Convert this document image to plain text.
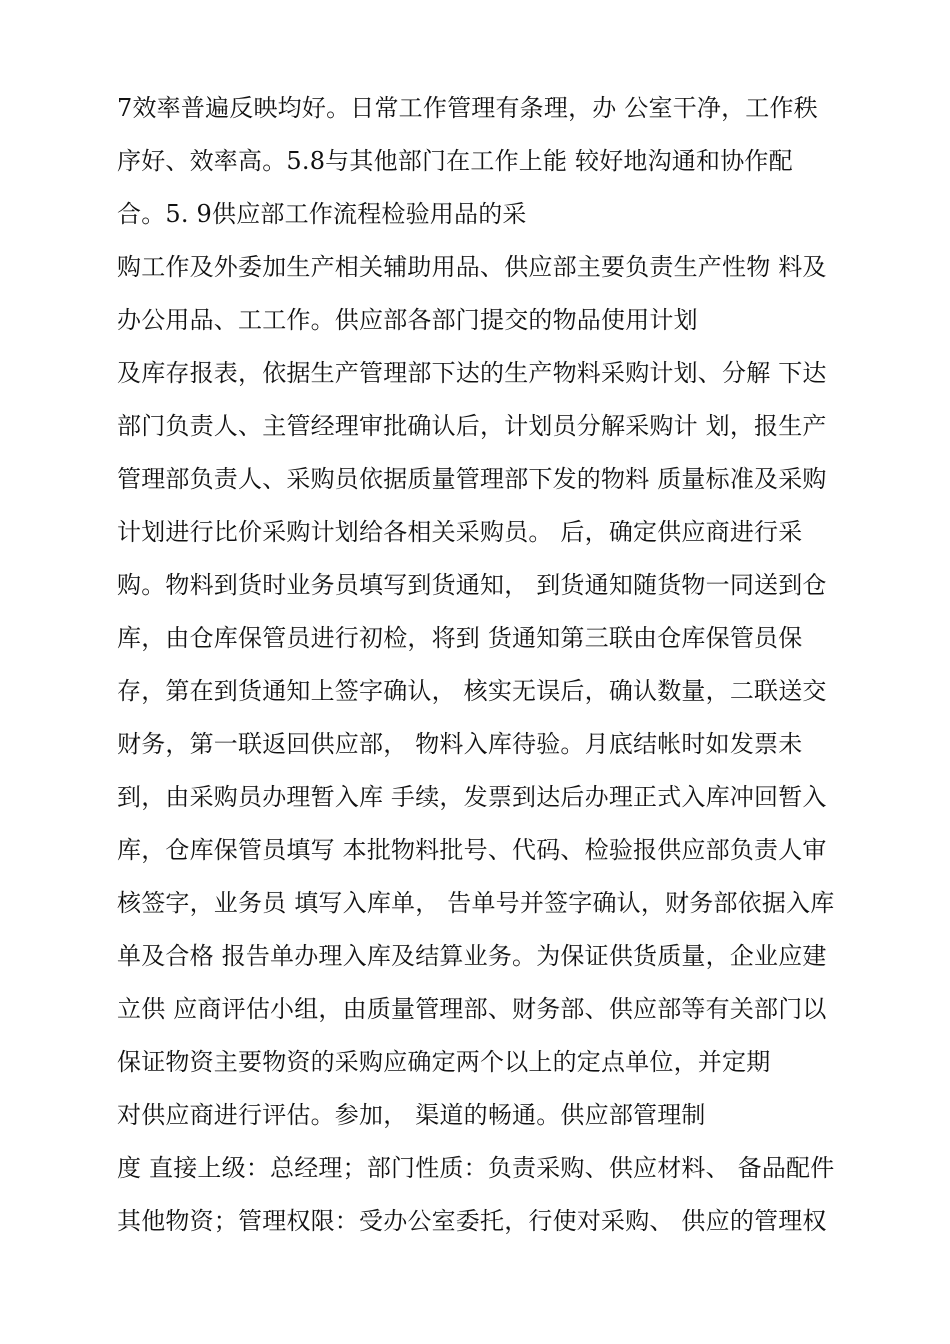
7效率普遍反映均好。日常工作管理有条理，办 公室干净，工作秩
序好、效率高。5.8与其他部门在工作上能 较好地沟通和协作配
合。5. 9供应部工作流程检验用品的采
购工作及外委加生产相关辅助用品、供应部主要负责生产性物 料及
办公用品、工工作。供应部各部门提交的物品使用计划
及库存报表，依据生产管理部下达的生产物料采购计划、分解 下达
部门负责人、主管经理审批确认后，计划员分解采购计 划，报生产
管理部负责人、采购员依据质量管理部下发的物料 质量标准及采购
计划进行比价采购计划给各相关采购员。 后，确定供应商进行采
购。物料到货时业务员填写到货通知， 到货通知随货物一同送到仓
库，由仓库保管员进行初检，将到 货通知第三联由仓库保管员保
存，第在到货通知上签字确认， 核实无误后，确认数量，二联送交
财务，第一联返回供应部， 物料入库待验。月底结帐时如发票未
到，由采购员办理暂入库 手续，发票到达后办理正式入库冲回暂入
库，仓库保管员填写 本批物料批号、代码、检验报供应部负责人审
核签字，业务员 填写入库单， 告单号并签字确认，财务部依据入库
单及合格 报告单办理入库及结算业务。为保证供货质量，企业应建
立供 应商评估小组，由质量管理部、财务部、供应部等有关部门以
保证物资主要物资的采购应确定两个以上的定点单位，并定期
对供应商进行评估。参加， 渠道的畅通。供应部管理制
度 直接上级：总经理；部门性质：负责采购、供应材料、 备品配件
其他物资；管理权限：受办公室委托，行使对采购、 供应的管理权
